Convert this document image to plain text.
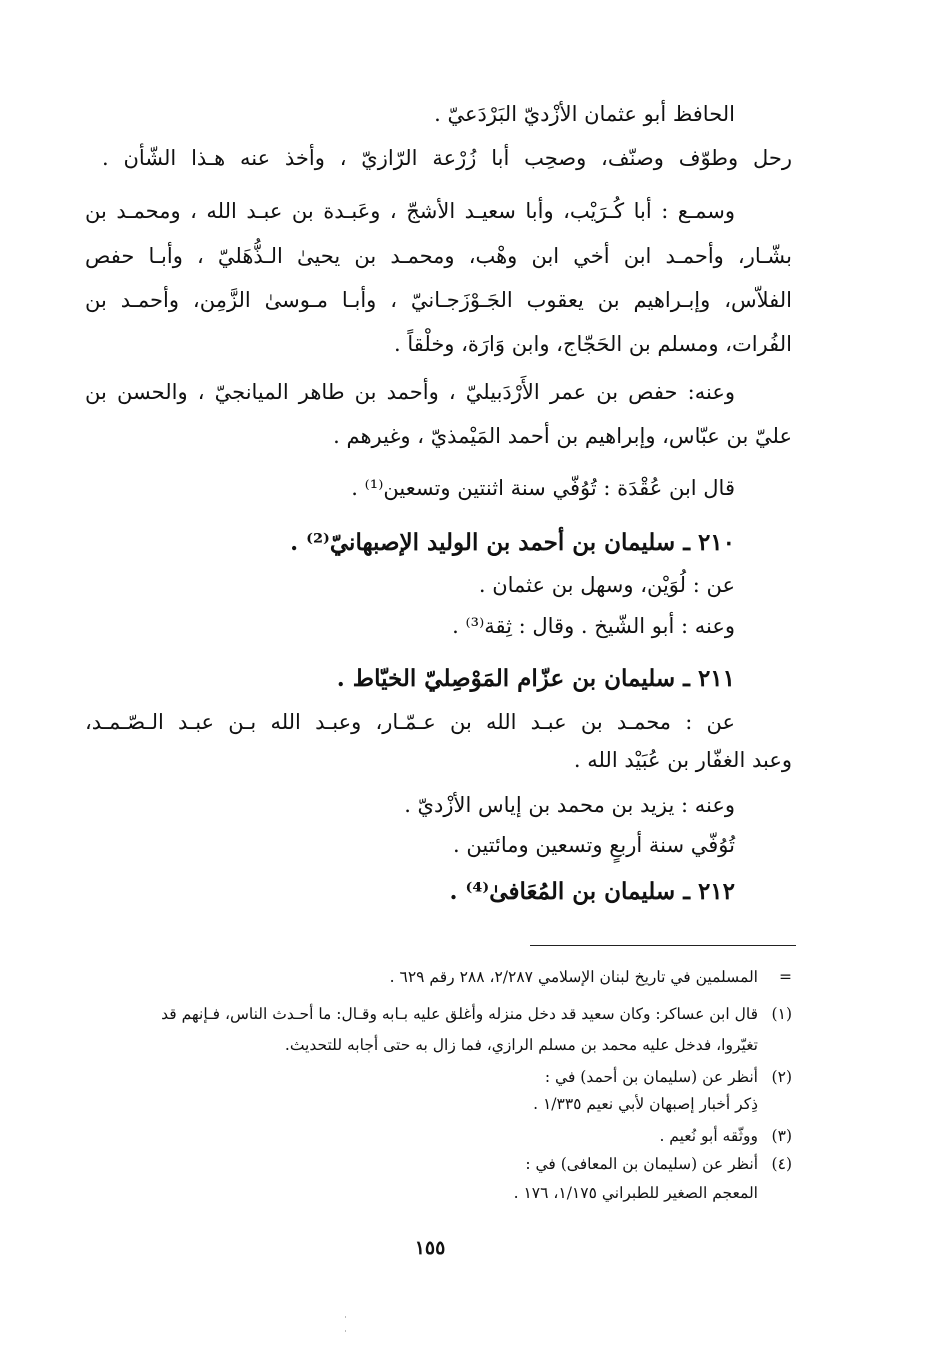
الحافظ أبو عثمان الأزْديّ البَرْدَعيّ .
رحل وطوّف وصنّف، وصحِب أبا زُرْعة الرّازيّ ، وأخذ عنه هـذا الشّأن .
وسمـع : أبا كُـرَيْب، وأبا سعيـد الأشجّ ، وعَبـدة بن عبـد الله ، ومحمـد بن
بشّـار، وأحمـد ابن أخي ابن وهْب، ومحمـد بن يحيىٰ الـذُّهَليّ ، وأبـا حفص
الفلاّس، وإبـراهيم بن يعقوب الجَـوْزَجـانيّ ، وأبـا مـوسىٰ الزَّمِن، وأحمـد بن
الفُرات، ومسلم بن الحَجّاج، وابن وَارَة، وخلْقاً .
وعنه: حفص بن عمر الأَرْدَبيليّ ، وأحمد بن طاهر الميانجيّ ، والحسن بن
عليّ بن عبّاس، وإبراهيم بن أحمد المَيْمذيّ ، وغيرهم .
قال ابن عُقْدَة : تُوُفّي سنة اثنتين وتسعين⁽¹⁾ .
٢١٠ ـ سليمان بن أحمد بن الوليد الإصبهانيّ⁽²⁾ .
عن : لُوَيْن، وسهل بن عثمان .
وعنه : أبو الشّيخ . وقال : ثِقة⁽³⁾ .
٢١١ ـ سليمان بن عزّام المَوْصِليّ الخيّاط .
عن : محمـد بن عبـد الله بن عـمّـار، وعبـد الله بـن عبـد الـصّـمـد،
وعبد الغفّار بن عُبَيْد الله .
وعنه : يزيد بن محمد بن إياس الأزْديّ .
تُوُفّي سنة أربعٍ وتسعين ومائتين .
٢١٢ ـ سليمان بن المُعَافىٰ⁽⁴⁾ .
=المسلمين في تاريخ لبنان الإسلامي ٢/٢٨٧، ٢٨٨ رقم ٦٢٩ .
(١)قال ابن عساكر: وكان سعيد قد دخل منزله وأغلق عليه بـابه وقـال: ما أحـدث الناس، فـإنهم قد
تغيّروا، فدخل عليه محمد بن مسلم الرازي، فما زال به حتى أجابه للتحديث.
(٢)أنظر عن (سليمان بن أحمد) في :
ذِكر أخبار إصبهان لأبي نعيم ١/٣٣٥ .
(٣)ووثّقه أبو نُعيم .
(٤)أنظر عن (سليمان بن المعافى) في :
المعجم الصغير للطبراني ١/١٧٥، ١٧٦ .
١٥٥
